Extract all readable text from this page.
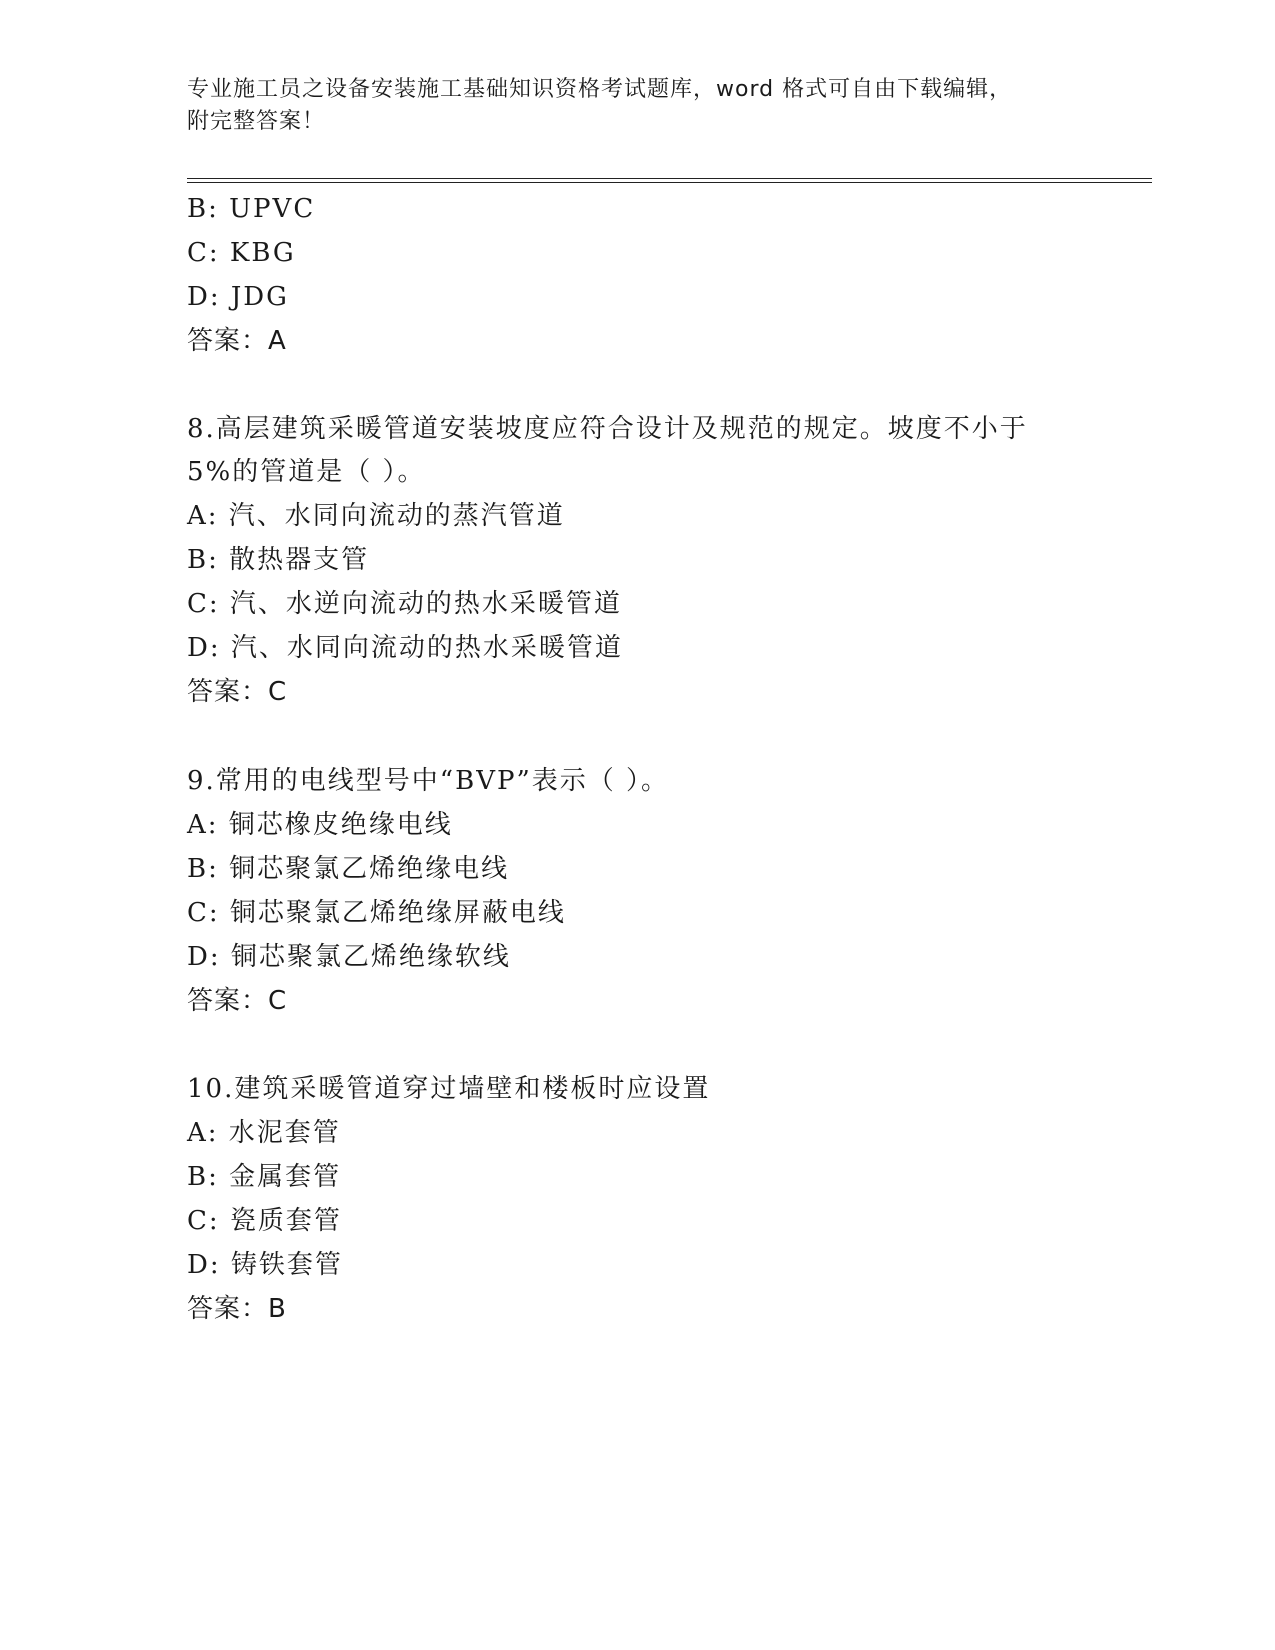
专业施工员之设备安装施工基础知识资格考试题库，word 格式可自由下载编辑，
附完整答案！
B: UPVC
C: KBG
D: JDG
答案：A
8.高层建筑采暖管道安装坡度应符合设计及规范的规定。坡度不小于
5%的管道是（ ）。
A: 汽、水同向流动的蒸汽管道
B: 散热器支管
C: 汽、水逆向流动的热水采暖管道
D: 汽、水同向流动的热水采暖管道
答案：C
9.常用的电线型号中“BVP”表示（ ）。
A: 铜芯橡皮绝缘电线
B: 铜芯聚氯乙烯绝缘电线
C: 铜芯聚氯乙烯绝缘屏蔽电线
D: 铜芯聚氯乙烯绝缘软线
答案：C
10.建筑采暖管道穿过墙壁和楼板时应设置
A: 水泥套管
B: 金属套管
C: 瓷质套管
D: 铸铁套管
答案：B
